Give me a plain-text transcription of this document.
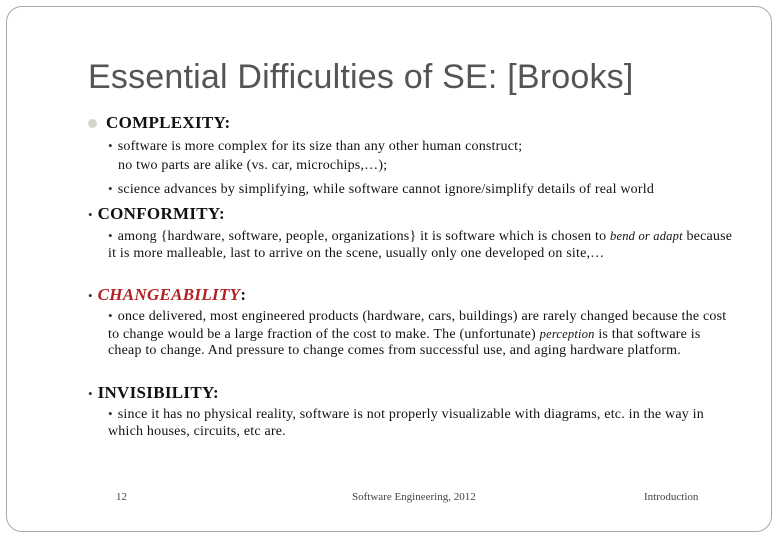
Essential Difficulties of SE: [Brooks]
COMPLEXITY:
• software is more complex for its size than any other human construct;
no two parts are alike (vs. car, microchips,…);
• science advances by simplifying, while software cannot ignore/simplify details of real world
• CONFORMITY:
• among {hardware, software, people, organizations} it is software which is chosen to bend or adapt because it is more malleable, last to arrive on the scene, usually only one developed on site,…
• CHANGEABILITY:
• once delivered, most engineered products (hardware, cars, buildings) are rarely changed because the cost to change would be a large fraction of the cost to make. The (unfortunate) perception is that software is cheap to change. And pressure to change comes from successful use, and aging hardware platform.
• INVISIBILITY:
• since it has no physical reality, software is not properly visualizable with diagrams, etc. in the way in which houses, circuits, etc are.
12	Software Engineering, 2012	Introduction
